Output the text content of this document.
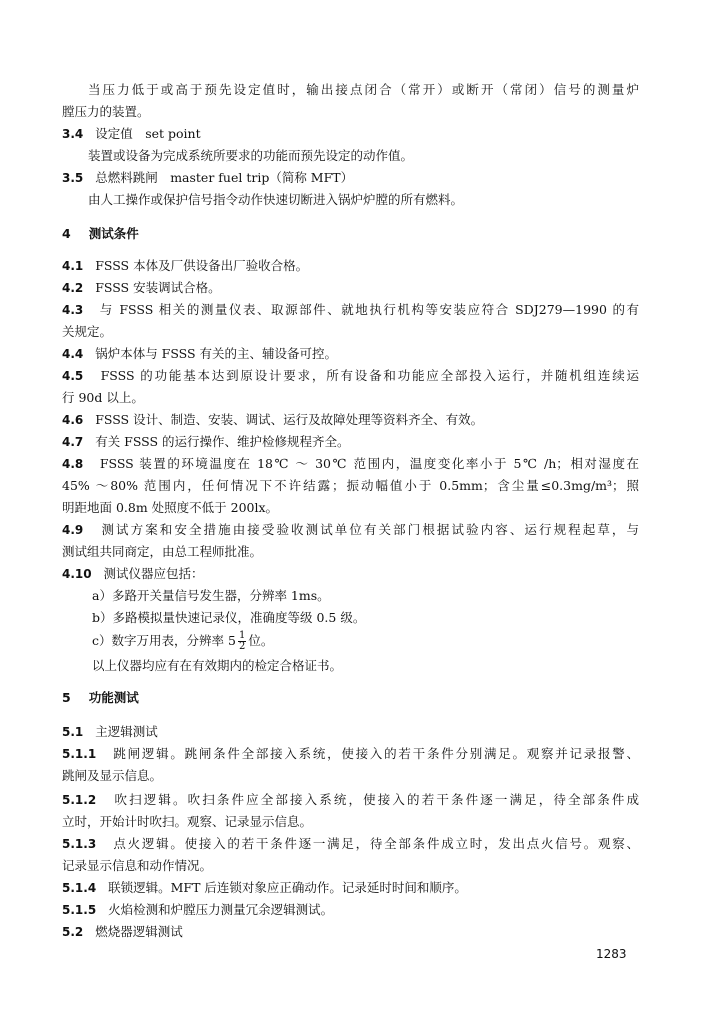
当压力低于或高于预先设定值时，输出接点闭合（常开）或断开（常闭）信号的测量炉
膛压力的装置。
3.4 设定值　set point
装置或设备为完成系统所要求的功能而预先设定的动作值。
3.5 总燃料跳闸　master fuel trip（简称 MFT）
由人工操作或保护信号指令动作快速切断进入锅炉炉膛的所有燃料。
4 测试条件
4.1 FSSS 本体及厂供设备出厂验收合格。
4.2 FSSS 安装调试合格。
4.3 与 FSSS 相关的测量仪表、取源部件、就地执行机构等安装应符合 SDJ279—1990 的有
关规定。
4.4 锅炉本体与 FSSS 有关的主、辅设备可控。
4.5 FSSS 的功能基本达到原设计要求，所有设备和功能应全部投入运行，并随机组连续运
行 90d 以上。
4.6 FSSS 设计、制造、安装、调试、运行及故障处理等资料齐全、有效。
4.7 有关 FSSS 的运行操作、维护检修规程齐全。
4.8 FSSS 装置的环境温度在 18℃ ～ 30℃ 范围内，温度变化率小于 5℃ /h；相对湿度在
45% ～80% 范围内，任何情况下不许结露；振动幅值小于 0.5mm；含尘量≤0.3mg/m³；照
明距地面 0.8m 处照度不低于 200lx。
4.9 测试方案和安全措施由接受验收测试单位有关部门根据试验内容、运行规程起草，与
测试组共同商定，由总工程师批准。
4.10 测试仪器应包括：
a）多路开关量信号发生器，分辨率 1ms。
b）多路模拟量快速记录仪，准确度等级 0.5 级。
c）数字万用表，分辨率 $5 \frac{1}{2}$ 位。
以上仪器均应有在有效期内的检定合格证书。
5 功能测试
5.1 主逻辑测试
5.1.1 跳闸逻辑。跳闸条件全部接入系统，使接入的若干条件分别满足。观察并记录报警、
跳闸及显示信息。
5.1.2 吹扫逻辑。吹扫条件应全部接入系统，使接入的若干条件逐一满足，待全部条件成
立时，开始计时吹扫。观察、记录显示信息。
5.1.3 点火逻辑。使接入的若干条件逐一满足，待全部条件成立时，发出点火信号。观察、
记录显示信息和动作情况。
5.1.4 联锁逻辑。MFT 后连锁对象应正确动作。记录延时时间和顺序。
5.1.5 火焰检测和炉膛压力测量冗余逻辑测试。
5.2 燃烧器逻辑测试
1283
